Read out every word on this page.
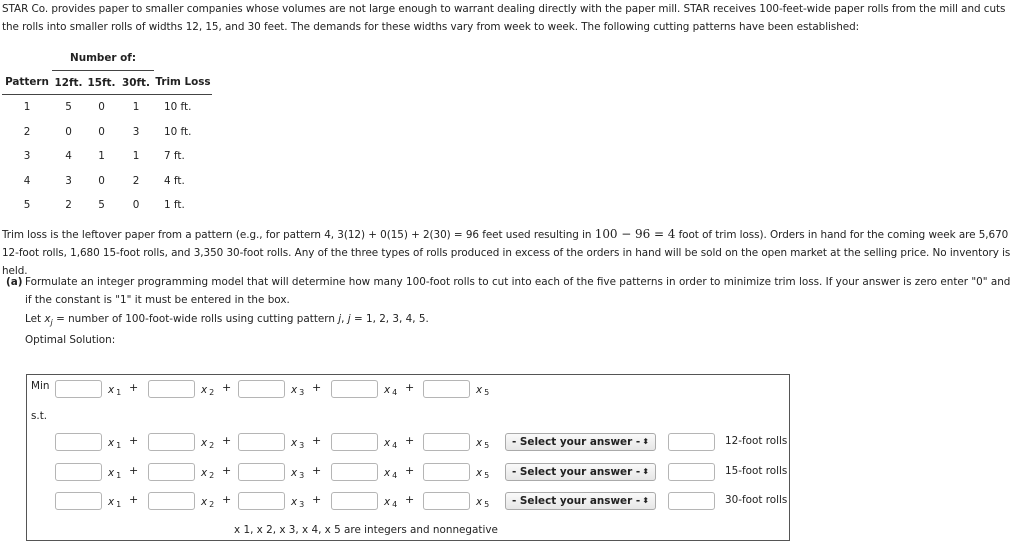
STAR Co. provides paper to smaller companies whose volumes are not large enough to warrant dealing directly with the paper mill. STAR receives 100-feet-wide paper rolls from the mill and cuts the rolls into smaller rolls of widths 12, 15, and 30 feet. The demands for these widths vary from week to week. The following cutting patterns have been established:
	Number of:			
Pattern	12ft.	15ft.	30ft.	Trim Loss
1	5	0	1	10 ft.
2	0	0	3	10 ft.
3	4	1	1	7 ft.
4	3	0	2	4 ft.
5	2	5	0	1 ft.
Trim loss is the leftover paper from a pattern (e.g., for pattern 4, 3(12) + 0(15) + 2(30) = 96 feet used resulting in 100 − 96 = 4 foot of trim loss). Orders in hand for the coming week are 5,670 12-foot rolls, 1,680 15-foot rolls, and 3,350 30-foot rolls. Any of the three types of rolls produced in excess of the orders in hand will be sold on the open market at the selling price. No inventory is held.
(a) Formulate an integer programming model that will determine how many 100-foot rolls to cut into each of the five patterns in order to minimize trim loss. If your answer is zero enter "0" and if the constant is "1" it must be entered in the box.
Let $x_j$ = number of 100-foot-wide rolls using cutting pattern j, j = 1, 2, 3, 4, 5.
Optimal Solution:
Min
s.t.
x $_1$ +	x $_2$ +	x $_3$ +	x $_4$ +	x $_5$
x $_1$ +	x $_2$ +	x $_3$ +	x $_4$ +	x $_5$	- Select your answer - ⬍	12-foot rolls
x $_1$ +	x $_2$ +	x $_3$ +	x $_4$ +	x $_5$	- Select your answer - ⬍	15-foot rolls
x $_1$ +	x $_2$ +	x $_3$ +	x $_4$ +	x $_5$	- Select your answer - ⬍	30-foot rolls
x 1, x 2, x 3, x 4, x 5 are integers and nonnegative
